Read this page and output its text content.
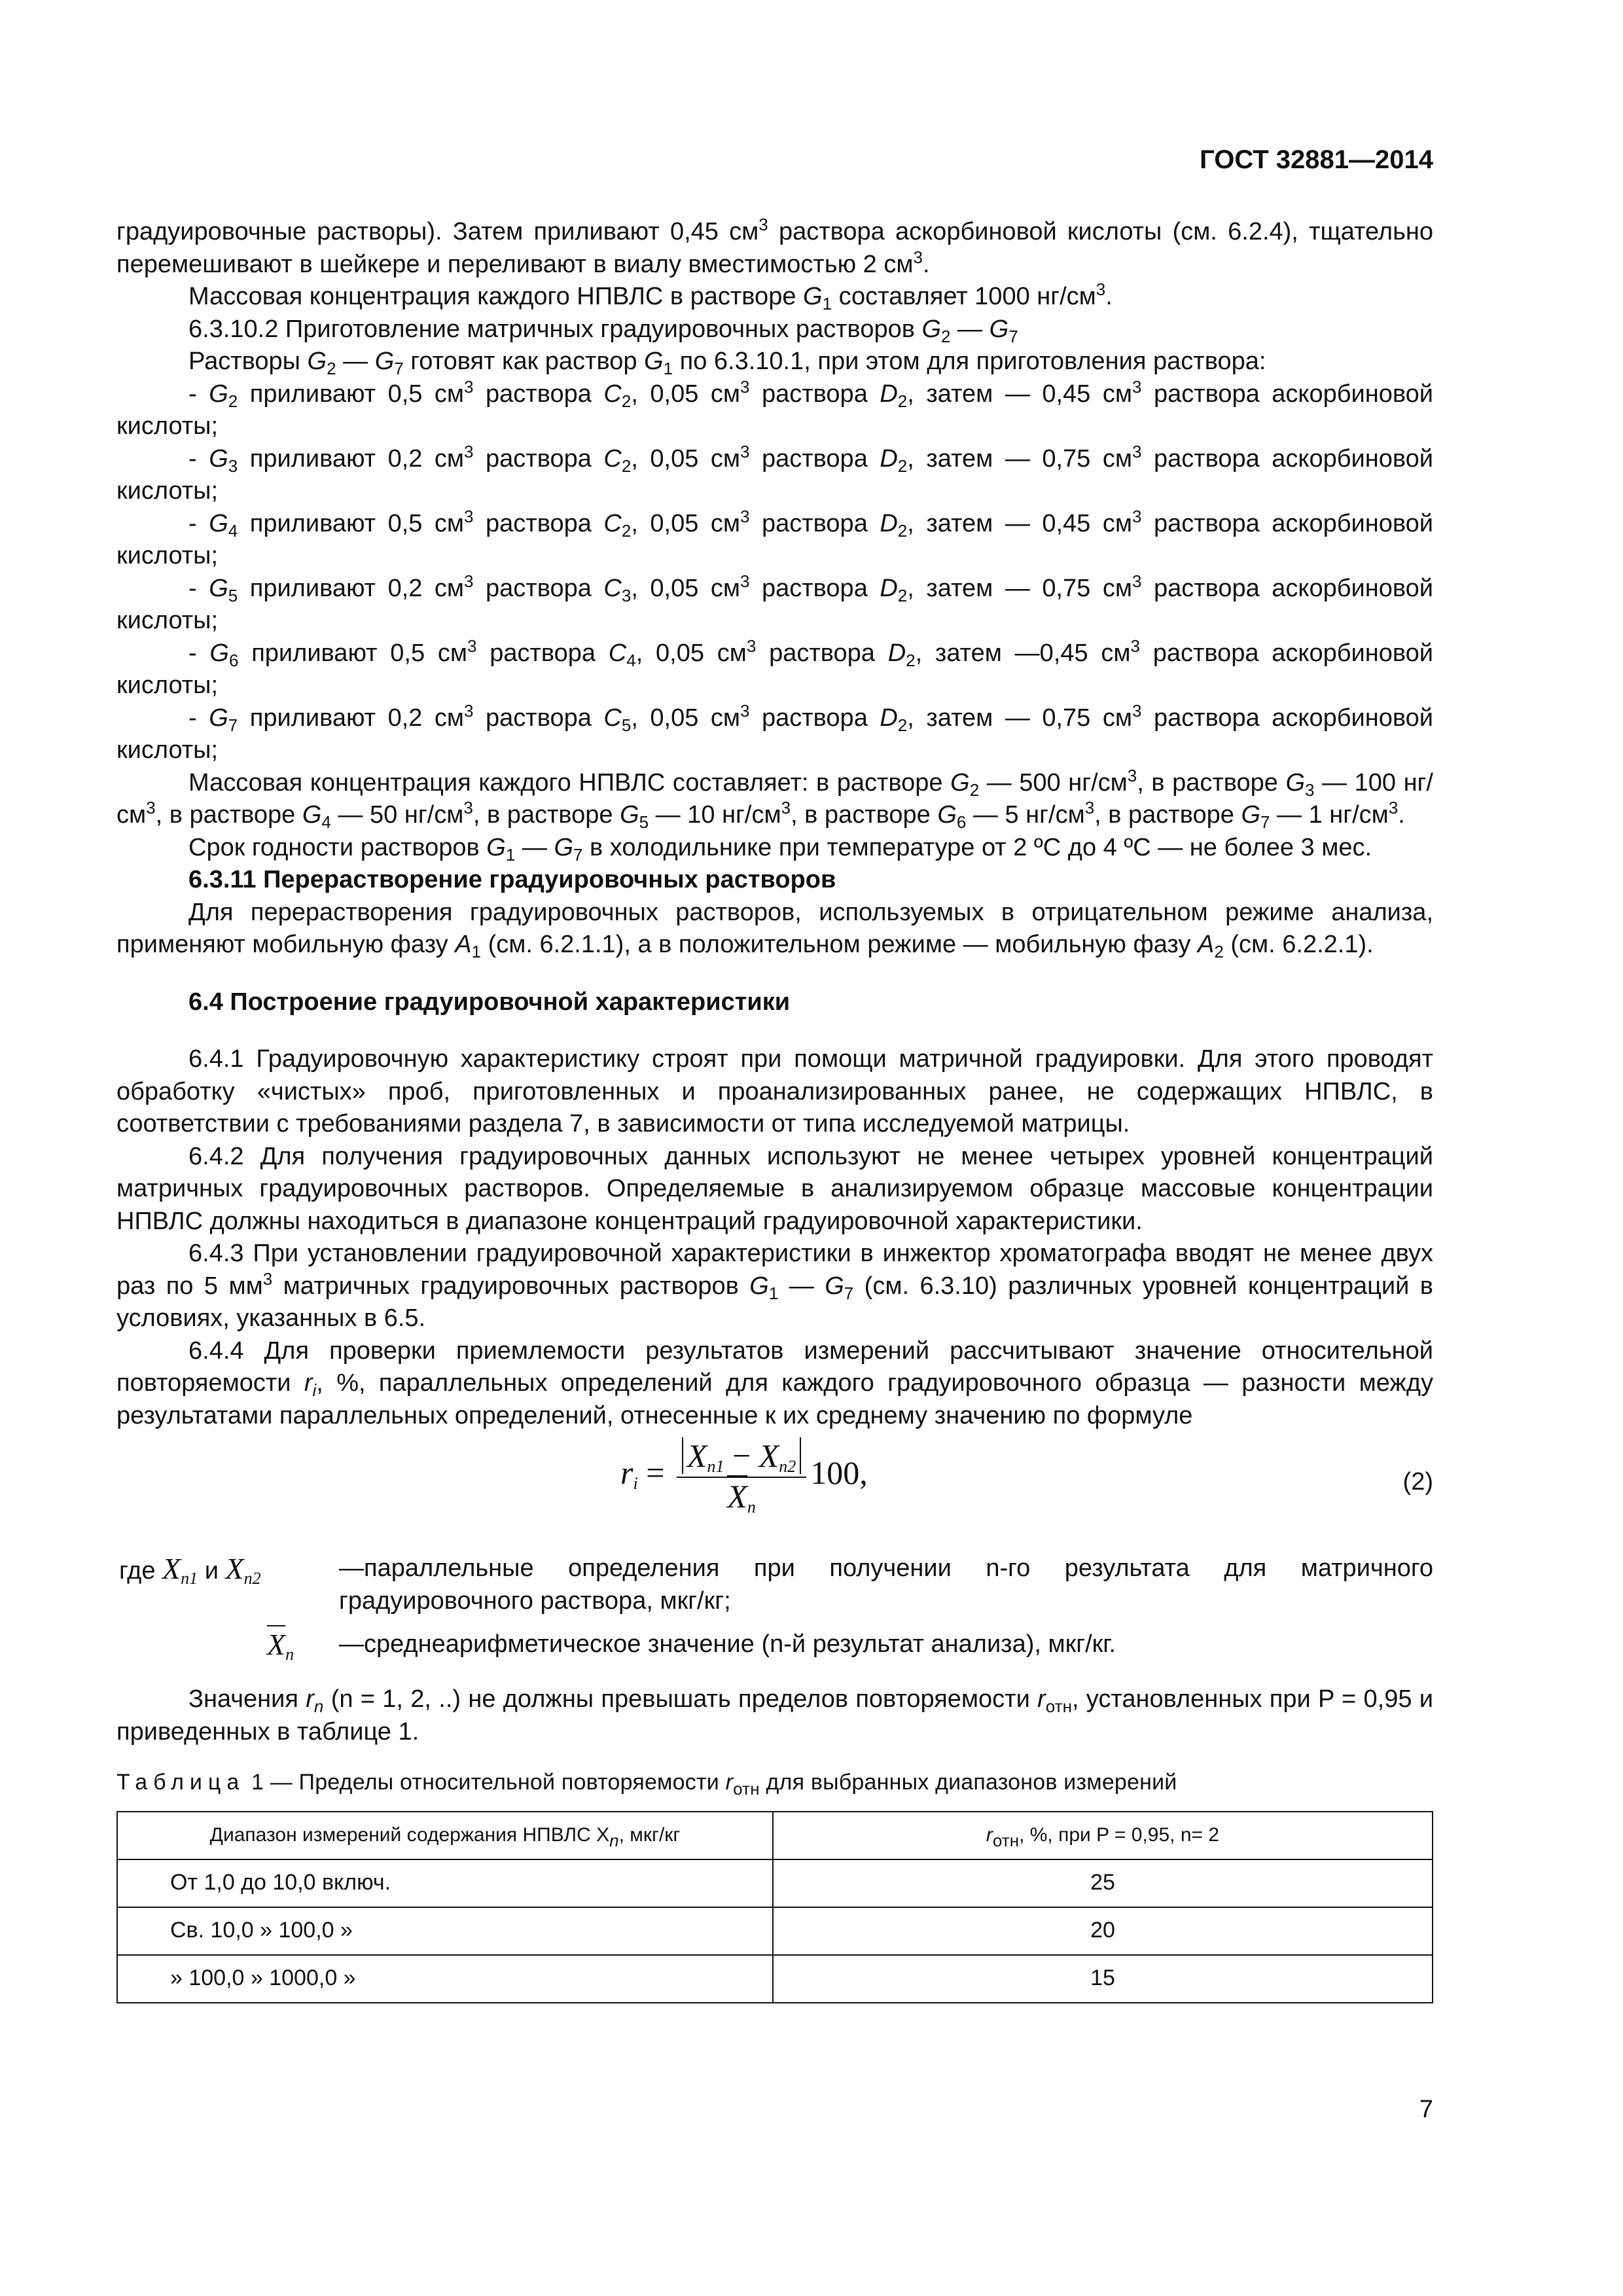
ГОСТ 32881—2014

градуировочные растворы). Затем приливают 0,45 $см^3$ раствора аскорбиновой кислоты (см. 6.2.4), тщательно перемешивают в шейкере и переливают в виалу вместимостью 2 $см^3$.

Массовая концентрация каждого НПВЛС в растворе $G_1$ составляет 1000 $нг/см^3$.

6.3.10.2 Приготовление матричных градуировочных растворов $G_2$ — $G_7$

Растворы $G_2$ — $G_7$ готовят как раствор $G_1$ по 6.3.10.1, при этом для приготовления раствора:

- $G_2$ приливают 0,5 $см^3$ раствора $C_2$, 0,05 $см^3$ раствора $D_2$, затем — 0,45 $см^3$ раствора аскорбиновой кислоты;

- $G_3$ приливают 0,2 $см^3$ раствора $C_2$, 0,05 $см^3$ раствора $D_2$, затем — 0,75 $см^3$ раствора аскорбиновой кислоты;

- $G_4$ приливают 0,5 $см^3$ раствора $C_2$, 0,05 $см^3$ раствора $D_2$, затем — 0,45 $см^3$ раствора аскорбиновой кислоты;

- $G_5$ приливают 0,2 $см^3$ раствора $C_3$, 0,05 $см^3$ раствора $D_2$, затем — 0,75 $см^3$ раствора аскорбиновой кислоты;

- $G_6$ приливают 0,5 $см^3$ раствора $C_4$, 0,05 $см^3$ раствора $D_2$, затем —0,45 $см^3$ раствора аскорбиновой кислоты;

- $G_7$ приливают 0,2 $см^3$ раствора $C_5$, 0,05 $см^3$ раствора $D_2$, затем — 0,75 $см^3$ раствора аскорбиновой кислоты;

Массовая концентрация каждого НПВЛС составляет: в растворе $G_2$ — 500 $нг/см^3$, в растворе $G_3$ — 100 $нг/см^3$, в растворе $G_4$ — 50 $нг/см^3$, в растворе $G_5$ — 10 $нг/см^3$, в растворе $G_6$ — 5 $нг/см^3$, в растворе $G_7$ — 1 $нг/см^3$.

Срок годности растворов $G_1$ — $G_7$ в холодильнике при температуре от 2 ºС до 4 ºС — не более 3 мес.

6.3.11 Перерастворение градуировочных растворов

Для перерастворения градуировочных растворов, используемых в отрицательном режиме анализа, применяют мобильную фазу $A_1$ (см. 6.2.1.1), а в положительном режиме — мобильную фазу $A_2$ (см. 6.2.2.1).

6.4 Построение градуировочной характеристики

6.4.1 Градуировочную характеристику строят при помощи матричной градуировки. Для этого проводят обработку «чистых» проб, приготовленных и проанализированных ранее, не содержащих НПВЛС, в соответствии с требованиями раздела 7, в зависимости от типа исследуемой матрицы.

6.4.2 Для получения градуировочных данных используют не менее четырех уровней концентраций матричных градуировочных растворов. Определяемые в анализируемом образце массовые концентрации НПВЛС должны находиться в диапазоне концентраций градуировочной характеристики.

6.4.3 При установлении градуировочной характеристики в инжектор хроматографа вводят не менее двух раз по 5 $мм^3$ матричных градуировочных растворов $G_1$ — $G_7$ (см. 6.3.10) различных уровней концентраций в условиях, указанных в 6.5.

6.4.4 Для проверки приемлемости результатов измерений рассчитывают значение относительной повторяемости $r_i$, %, параллельных определений для каждого градуировочного образца — разности между результатами параллельных определений, отнесенные к их среднему значению по формуле

$r_i = \frac{X_{n1} - X_{n2}}{X_n} 100$,	(2)
где $X_{n1}$ и $X_{n2}$	—параллельные определения при получении n-го результата для матричного градуировочного раствора, мкг/кг;
$X_n$ —среднеарифметическое значение (n-й результат анализа), мкг/кг.

Значения $r_n$ (n = 1, 2, ..) не должны превышать пределов повторяемости $r_{отн}$, установленных при P = 0,95 и приведенных в таблице 1.

Таблица 1 — Пределы относительной повторяемости $r_{отн}$ для выбранных диапазонов измерений
Диапазон измерений содержания НПВЛС $X_n$, мкг/кг	$r_{отн}$, %, при P = 0,95, n= 2
От 1,0 до 10,0 включ.	25
Св. 10,0 » 100,0 »	20
» 100,0 » 1000,0 »	15
7
